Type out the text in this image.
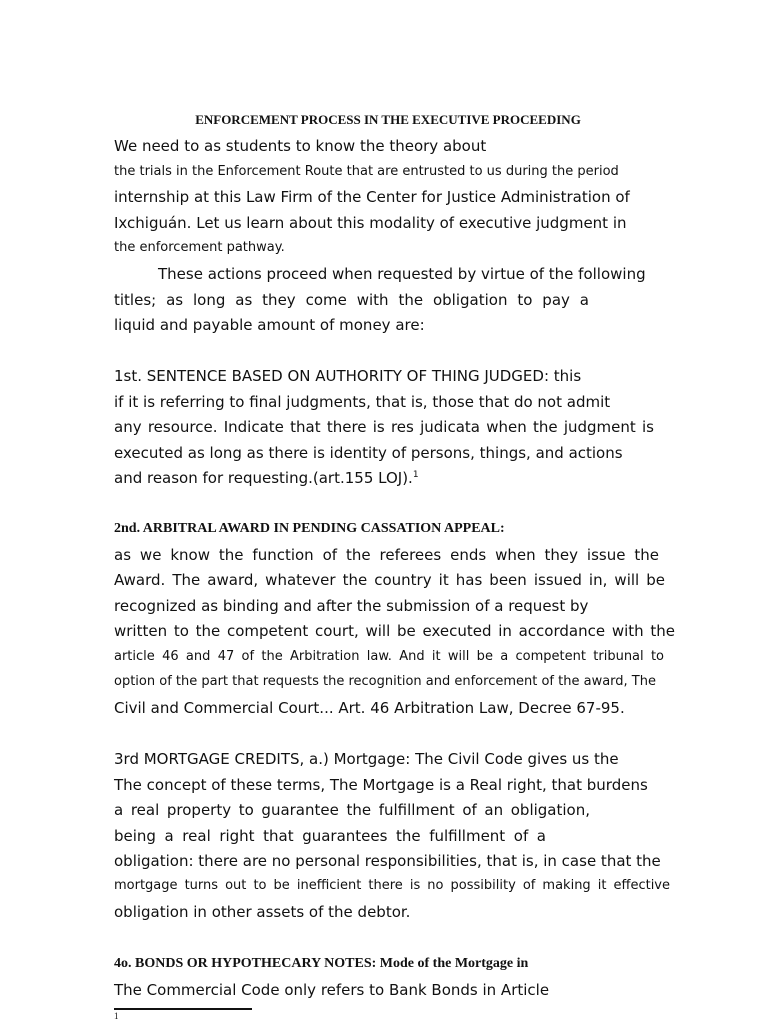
ENFORCEMENT PROCESS IN THE EXECUTIVE PROCEEDING
We need to as students to know the theory about
the trials in the Enforcement Route that are entrusted to us during the period
internship at this Law Firm of the Center for Justice Administration of
Ixchiguán. Let us learn about this modality of executive judgment in
the enforcement pathway.
These actions proceed when requested by virtue of the following
titles; as long as they come with the obligation to pay a
liquid and payable amount of money are:
1st. SENTENCE BASED ON AUTHORITY OF THING JUDGED: this
if it is referring to final judgments, that is, those that do not admit
any resource. Indicate that there is res judicata when the judgment is
executed as long as there is identity of persons, things, and actions
and reason for requesting.(art.155 LOJ).$^1$
2nd. ARBITRAL AWARD IN PENDING CASSATION APPEAL:
as we know the function of the referees ends when they issue the
Award. The award, whatever the country it has been issued in, will be
recognized as binding and after the submission of a request by
written to the competent court, will be executed in accordance with the
article 46 and 47 of the Arbitration law. And it will be a competent tribunal to
option of the part that requests the recognition and enforcement of the award, The
Civil and Commercial Court... Art. 46 Arbitration Law, Decree 67-95.
3rd MORTGAGE CREDITS, a.) Mortgage: The Civil Code gives us the
The concept of these terms, The Mortgage is a Real right, that burdens
a real property to guarantee the fulfillment of an obligation,
being a real right that guarantees the fulfillment of a
obligation: there are no personal responsibilities, that is, in case that the
mortgage turns out to be inefficient there is no possibility of making it effective
obligation in other assets of the debtor.
4o. BONDS OR HYPOTHECARY NOTES: Mode of the Mortgage in
The Commercial Code only refers to Bank Bonds in Article
1
